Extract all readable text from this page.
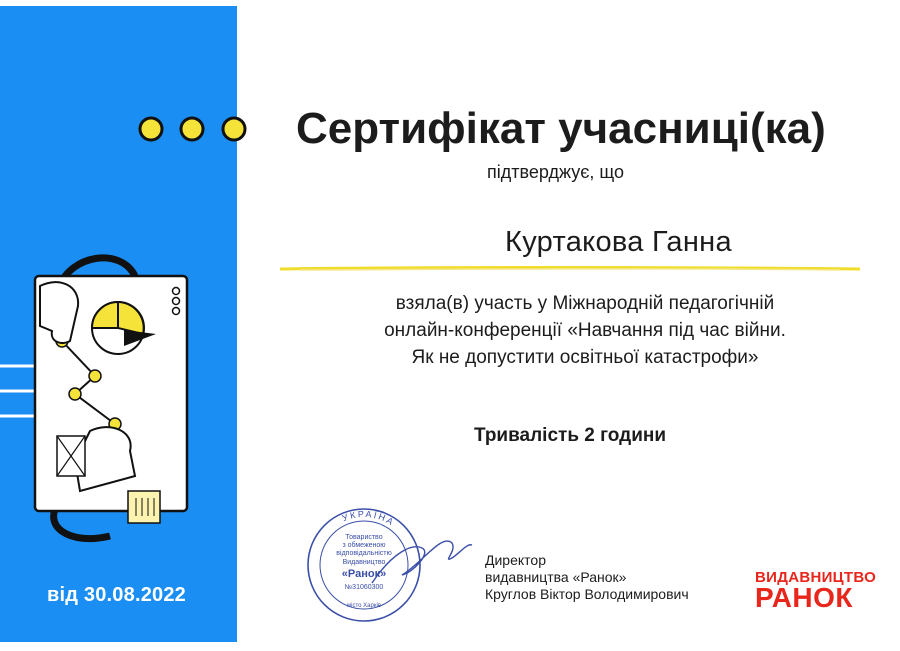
від 30.08.2022
Сертифікат учасниці(ка)
підтверджує, що
Куртакова Ганна
взяла(в) участь у Міжнародній педагогічній
онлайн-конференції «Навчання під час війни.
Як не допустити освітньої катастрофи»
Тривалість 2 години
УКРАЇНА
Товариство
з обмеженою
відповідальністю
Видавництво
«Ранок»
№31060300
місто Харків
Директор
видавництва «Ранок»
Круглов Віктор Володимирович
ВИДАВНИЦТВО
РАНОК
